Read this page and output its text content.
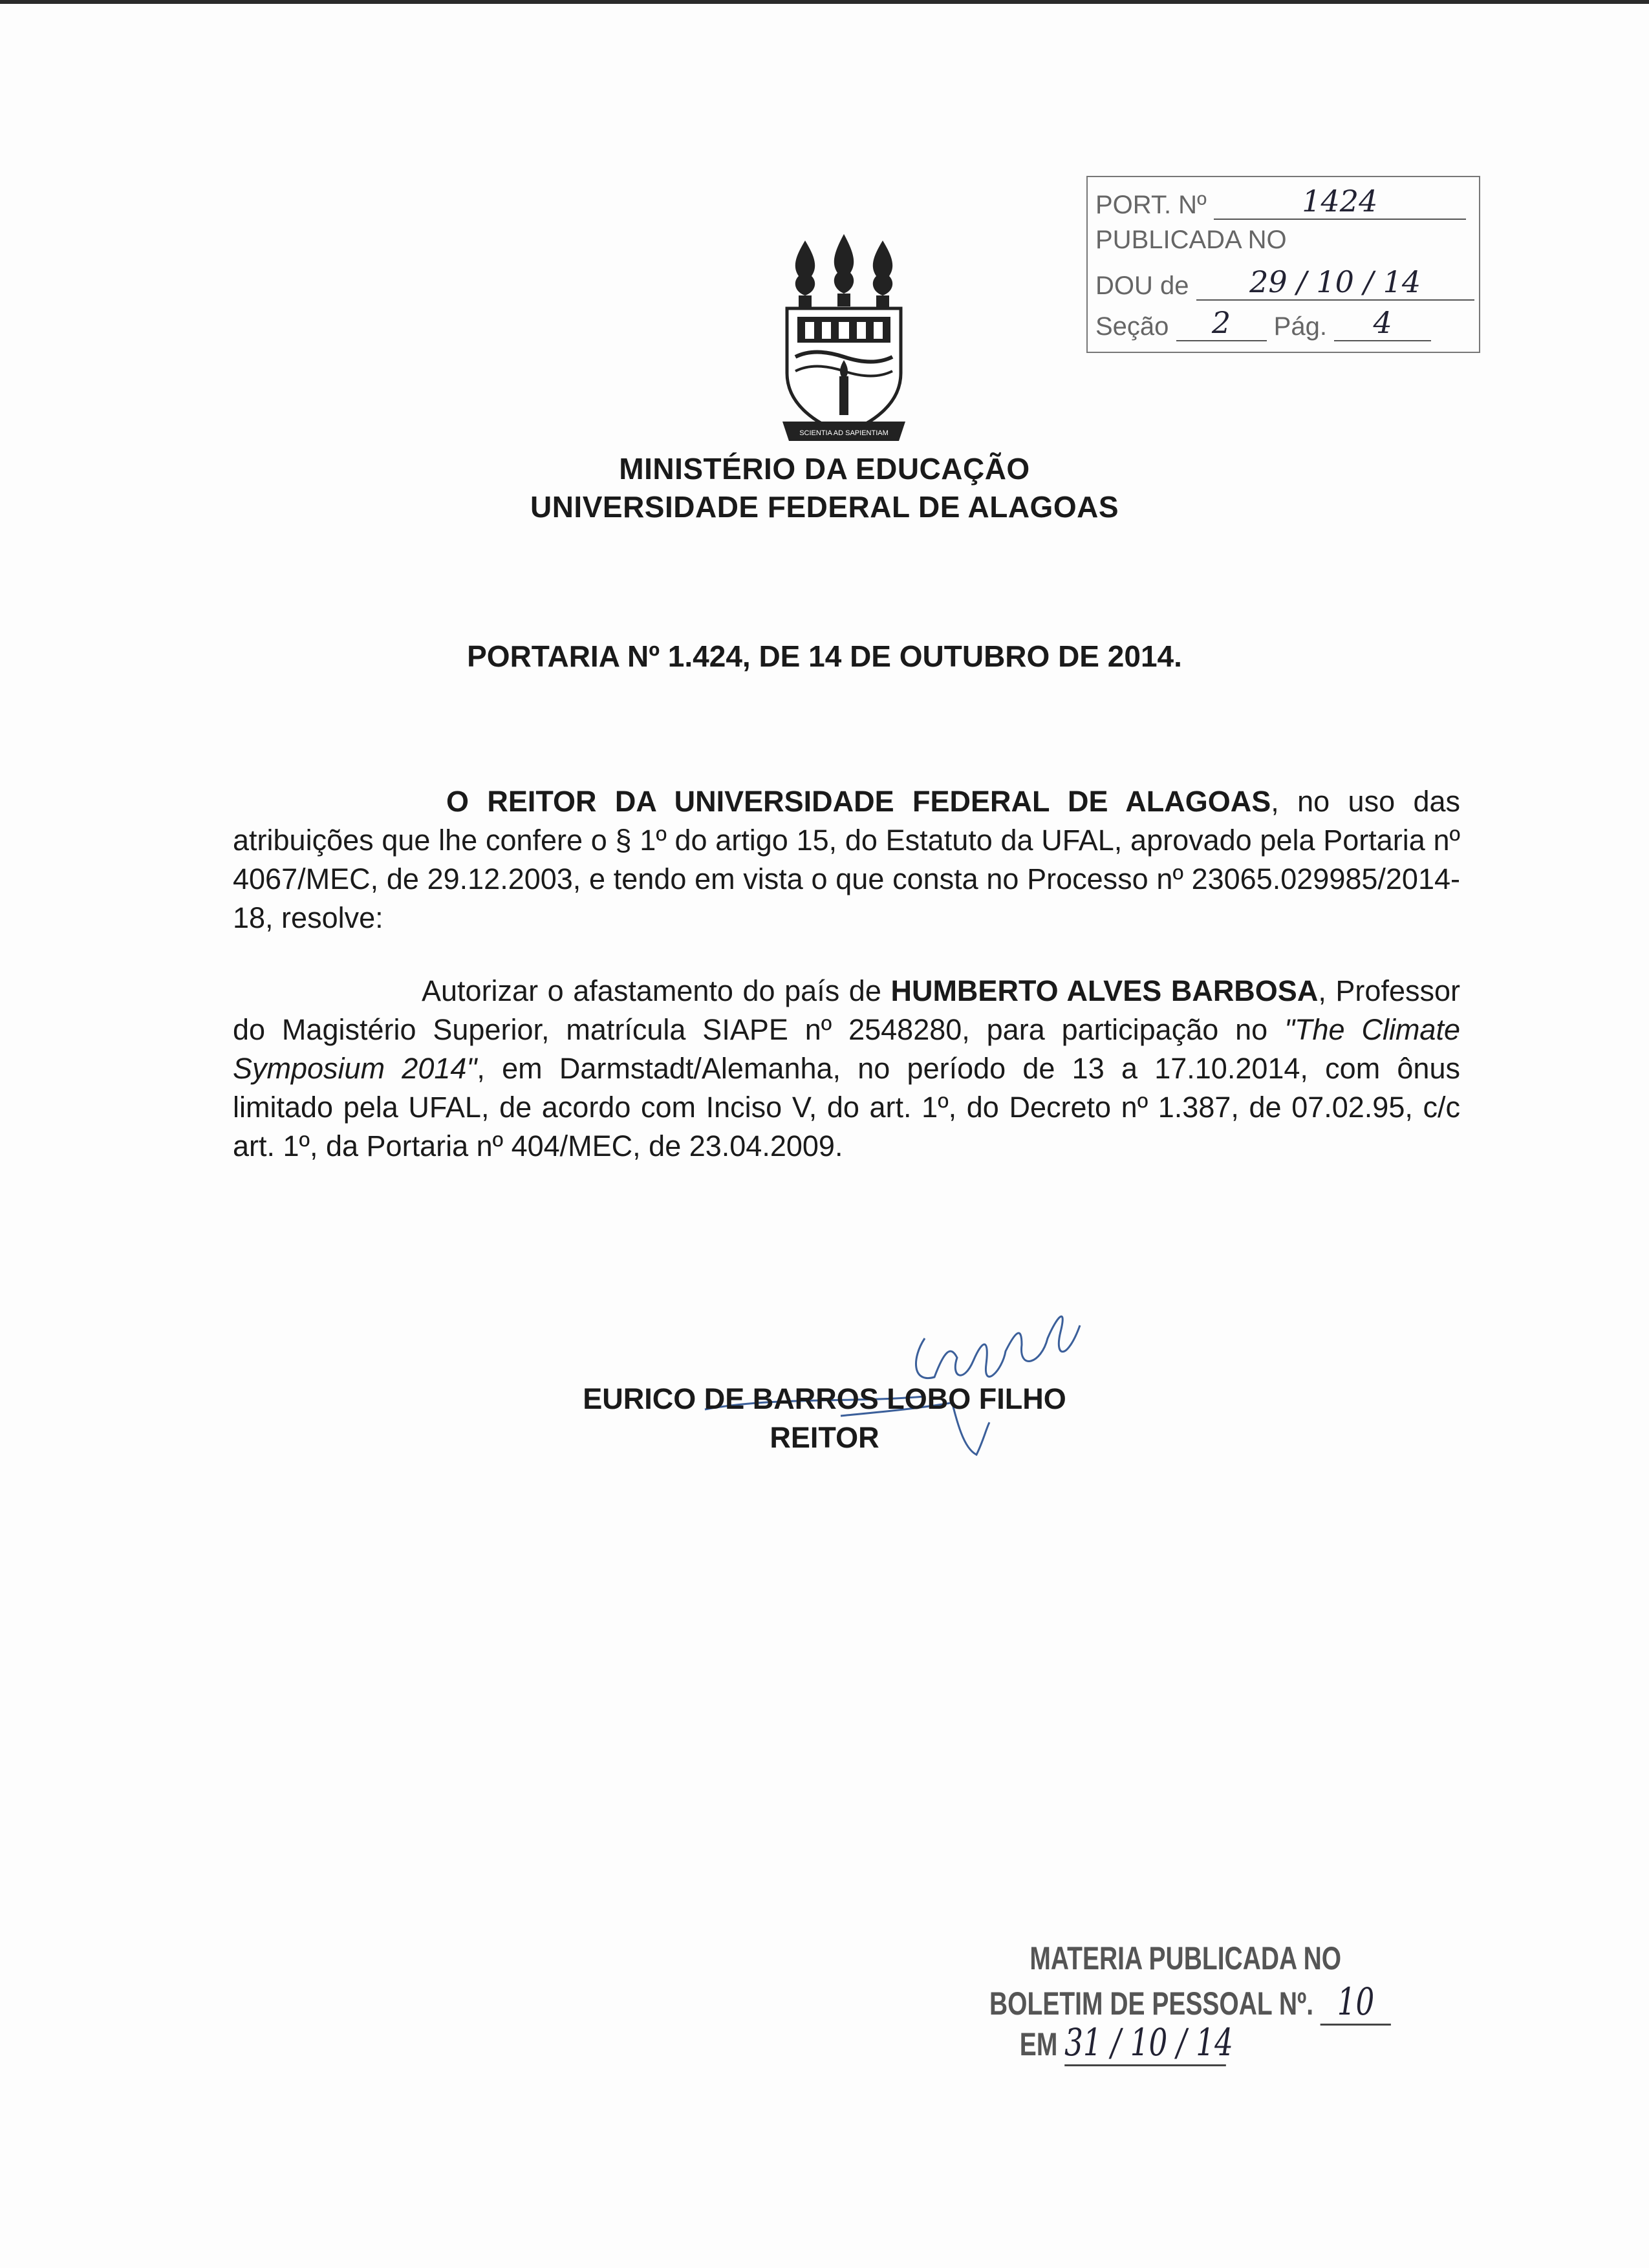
PORT. Nº	1424
PUBLICADA NO
DOU de 29 / 10 / 14
Seção 2 Pág. 4
SCIENTIA AD SAPIENTIAM
MINISTÉRIO DA EDUCAÇÃO
UNIVERSIDADE FEDERAL DE ALAGOAS
PORTARIA Nº 1.424, DE 14 DE OUTUBRO DE 2014.
O REITOR DA UNIVERSIDADE FEDERAL DE ALAGOAS, no uso das atribuições que lhe confere o § 1º do artigo 15, do Estatuto da UFAL, aprovado pela Portaria nº 4067/MEC, de 29.12.2003, e tendo em vista o que consta no Processo nº 23065.029985/2014-18, resolve:
Autorizar o afastamento do país de HUMBERTO ALVES BARBOSA, Professor do Magistério Superior, matrícula SIAPE nº 2548280, para participação no "The Climate Symposium 2014", em Darmstadt/Alemanha, no período de 13 a 17.10.2014, com ônus limitado pela UFAL, de acordo com Inciso V, do art. 1º, do Decreto nº 1.387, de 07.02.95, c/c art. 1º, da Portaria nº 404/MEC, de 23.04.2009.
EURICO DE BARROS LOBO FILHO
REITOR
MATERIA PUBLICADA NO
BOLETIM DE PESSOAL Nº. 10
EM 31 / 10 / 14
